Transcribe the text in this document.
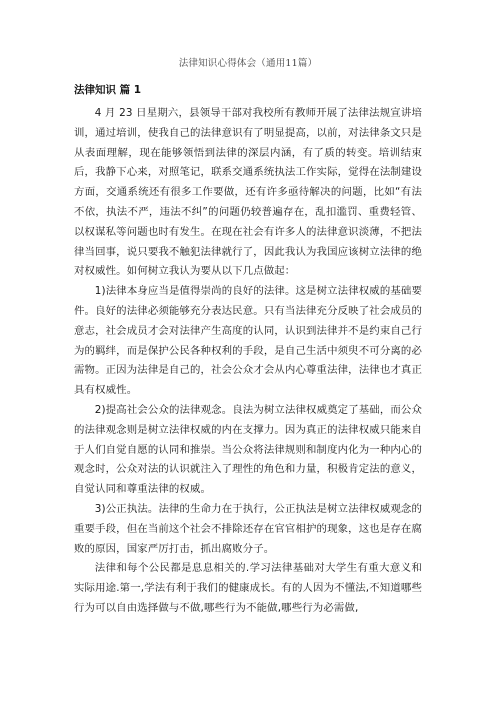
法律知识心得体会（通用11篇）
法律知识 篇 1

4 月 23 日星期六，县领导干部对我校所有教师开展了法律法规宣讲培训，通过培训，使我自己的法律意识有了明显提高，以前，对法律条文只是从表面理解，现在能够领悟到法律的深层内涵，有了质的转变。培训结束后，我静下心来，对照笔记，联系交通系统执法工作实际，觉得在法制建设方面，交通系统还有很多工作要做，还有许多亟待解决的问题，比如“有法不依，执法不严，违法不纠”的问题仍较普遍存在，乱扣滥罚、重费轻管、以权谋私等问题也时有发生。在现在社会有许多人的法律意识淡薄，不把法律当回事，说只要我不触犯法律就行了，因此我认为我国应该树立法律的绝对权威性。如何树立我认为要从以下几点做起：

1)法律本身应当是值得崇尚的良好的法律。这是树立法律权威的基础要件。良好的法律必须能够充分表达民意。只有当法律充分反映了社会成员的意志，社会成员才会对法律产生高度的认同，认识到法律并不是约束自己行为的羁绊，而是保护公民各种权利的手段，是自己生活中须臾不可分离的必需物。正因为法律是自己的，社会公众才会从内心尊重法律，法律也才真正具有权威性。

2)提高社会公众的法律观念。良法为树立法律权威奠定了基础，而公众的法律观念则是树立法律权威的内在支撑力。因为真正的法律权威只能来自于人们自觉自愿的认同和推崇。当公众将法律规则和制度内化为一种内心的观念时，公众对法的认识就注入了理性的角色和力量，积极肯定法的意义，自觉认同和尊重法律的权威。

3)公正执法。法律的生命力在于执行，公正执法是树立法律权威观念的重要手段，但在当前这个社会不排除还存在官官相护的现象，这也是存在腐败的原因，国家严厉打击，抓出腐败分子。

法律和每个公民都是息息相关的.学习法律基础对大学生有重大意义和实际用途.第一,学法有利于我们的健康成长。有的人因为不懂法,不知道哪些行为可以自由选择做与不做,哪些行为不能做,哪些行为必需做,
